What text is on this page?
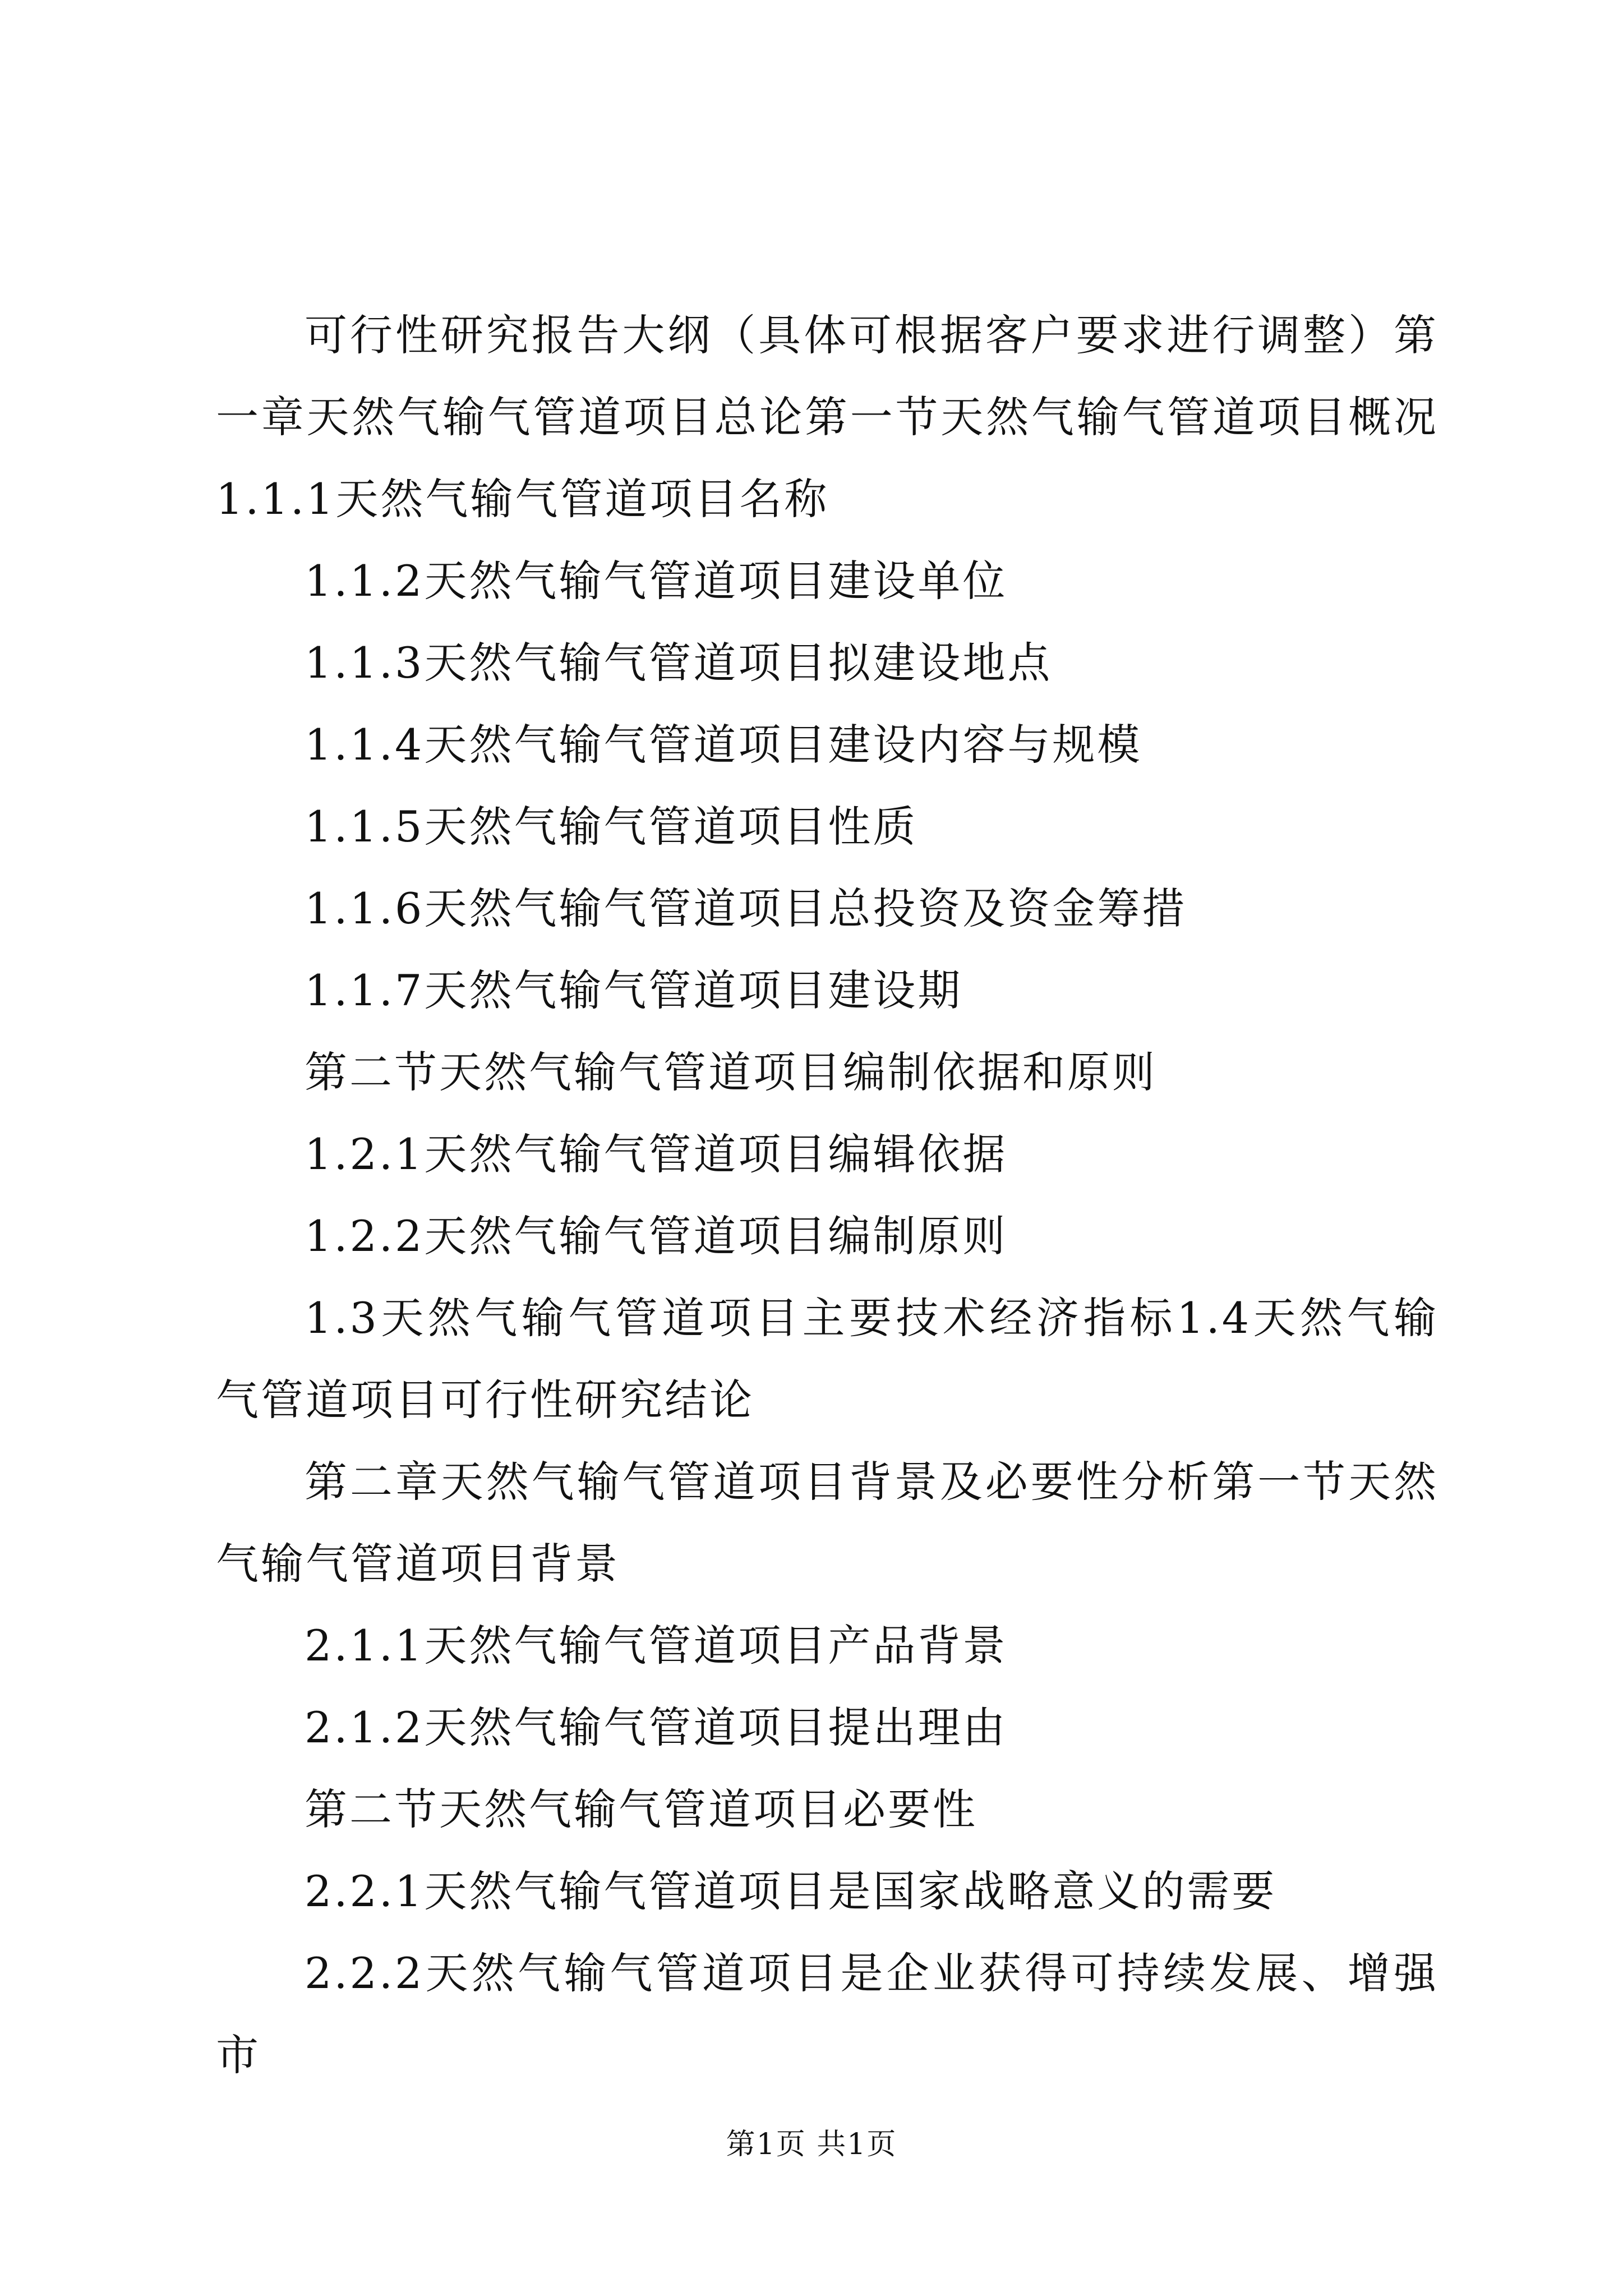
可行性研究报告大纲（具体可根据客户要求进行调整）第一章天然气输气管道项目总论第一节天然气输气管道项目概况1.1.1天然气输气管道项目名称

1.1.2天然气输气管道项目建设单位

1.1.3天然气输气管道项目拟建设地点

1.1.4天然气输气管道项目建设内容与规模

1.1.5天然气输气管道项目性质

1.1.6天然气输气管道项目总投资及资金筹措

1.1.7天然气输气管道项目建设期

第二节天然气输气管道项目编制依据和原则

1.2.1天然气输气管道项目编辑依据

1.2.2天然气输气管道项目编制原则

1.3天然气输气管道项目主要技术经济指标1.4天然气输气管道项目可行性研究结论

第二章天然气输气管道项目背景及必要性分析第一节天然气输气管道项目背景

2.1.1天然气输气管道项目产品背景

2.1.2天然气输气管道项目提出理由

第二节天然气输气管道项目必要性

2.2.1天然气输气管道项目是国家战略意义的需要

2.2.2天然气输气管道项目是企业获得可持续发展、增强市

第1页 共1页
